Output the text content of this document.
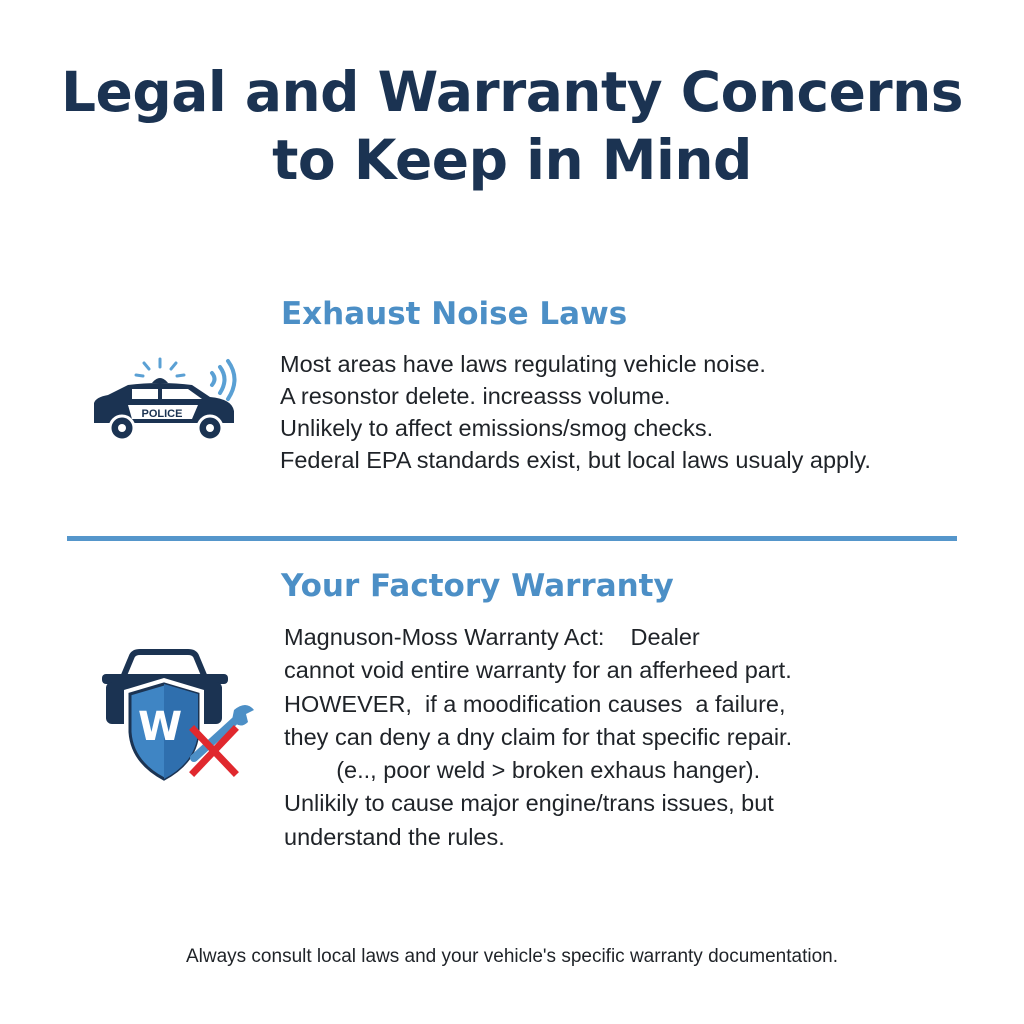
Legal and Warranty Concerns
to Keep in Mind
POLICE
Exhaust Noise Laws
Most areas have laws regulating vehicle noise.
A resonstor delete. increasss volume.
Unlikely to affect emissions/smog checks.
Federal EPA standards exist, but local laws usualy apply.
W
Your Factory Warranty
Magnuson-Moss Warranty Act:    Dealer
cannot void entire warranty for an afferheed part.
HOWEVER,  if a moodification causes  a failure,
they can deny a dny claim for that specific repair.
(e.., poor weld > broken exhaus hanger).
Unlikily to cause major engine/trans issues, but
understand the rules.
Always consult local laws and your vehicle's specific warranty documentation.
